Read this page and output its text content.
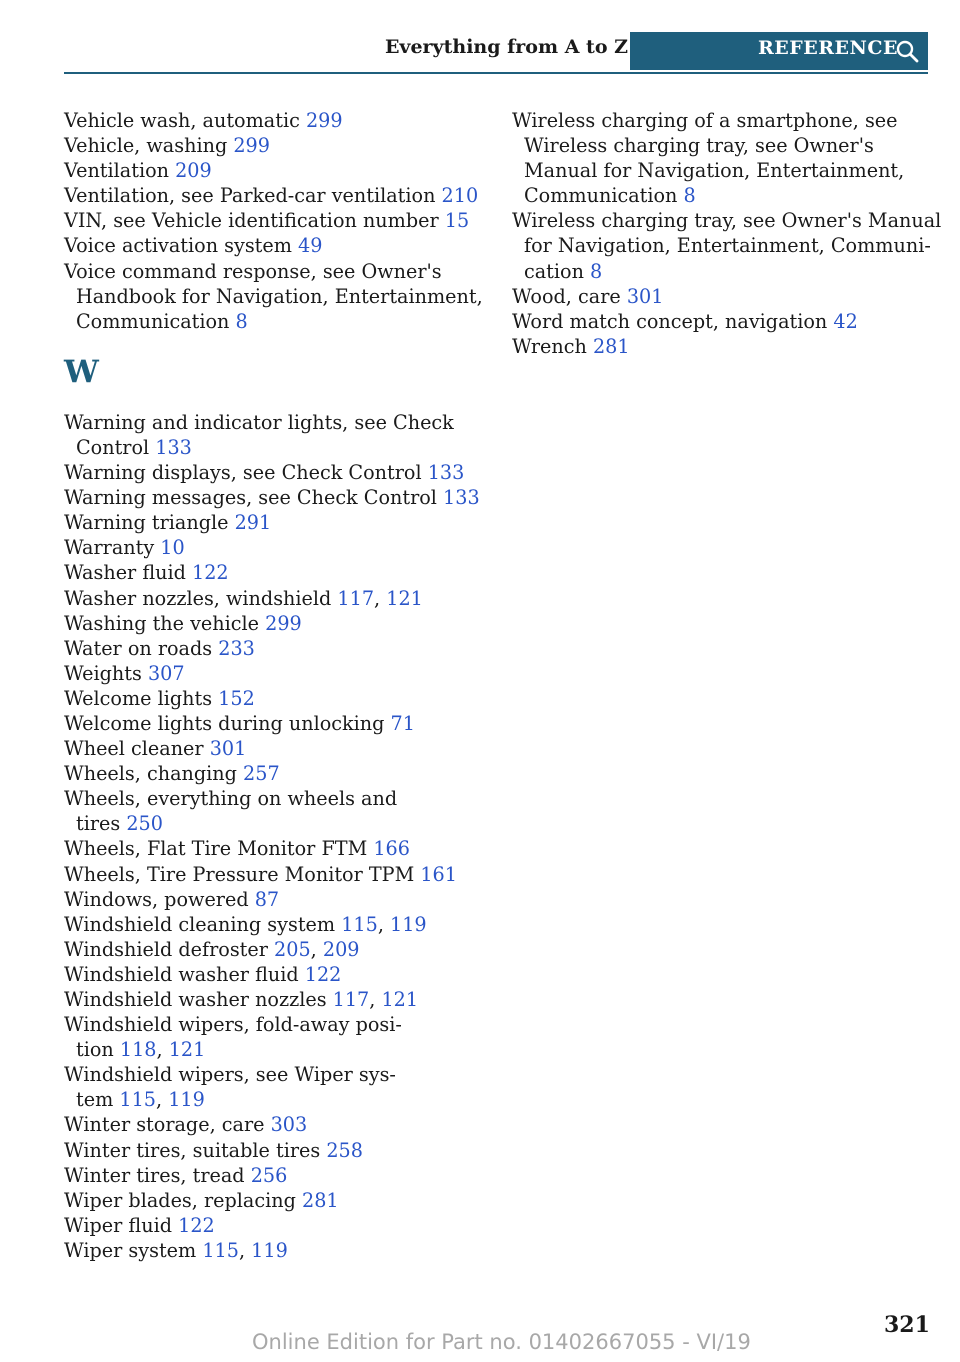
Everything from A to Z	REFERENCE
Vehicle wash, automatic 299
Vehicle, washing 299
Ventilation 209
Ventilation, see Parked-car ventilation 210
VIN, see Vehicle identification number 15
Voice activation system 49
Voice command response, see Owner's
Handbook for Navigation, Entertainment,
Communication 8
W
Warning and indicator lights, see Check
Control 133
Warning displays, see Check Control 133
Warning messages, see Check Control 133
Warning triangle 291
Warranty 10
Washer fluid 122
Washer nozzles, windshield 117, 121
Washing the vehicle 299
Water on roads 233
Weights 307
Welcome lights 152
Welcome lights during unlocking 71
Wheel cleaner 301
Wheels, changing 257
Wheels, everything on wheels and
tires 250
Wheels, Flat Tire Monitor FTM 166
Wheels, Tire Pressure Monitor TPM 161
Windows, powered 87
Windshield cleaning system 115, 119
Windshield defroster 205, 209
Windshield washer fluid 122
Windshield washer nozzles 117, 121
Windshield wipers, fold-away posi-
tion 118, 121
Windshield wipers, see Wiper sys-
tem 115, 119
Winter storage, care 303
Winter tires, suitable tires 258
Winter tires, tread 256
Wiper blades, replacing 281
Wiper fluid 122
Wiper system 115, 119
Wireless charging of a smartphone, see
Wireless charging tray, see Owner's
Manual for Navigation, Entertainment,
Communication 8
Wireless charging tray, see Owner's Manual
for Navigation, Entertainment, Communi-
cation 8
Wood, care 301
Word match concept, navigation 42
Wrench 281
Online Edition for Part no. 01402667055 - VI/19
321
